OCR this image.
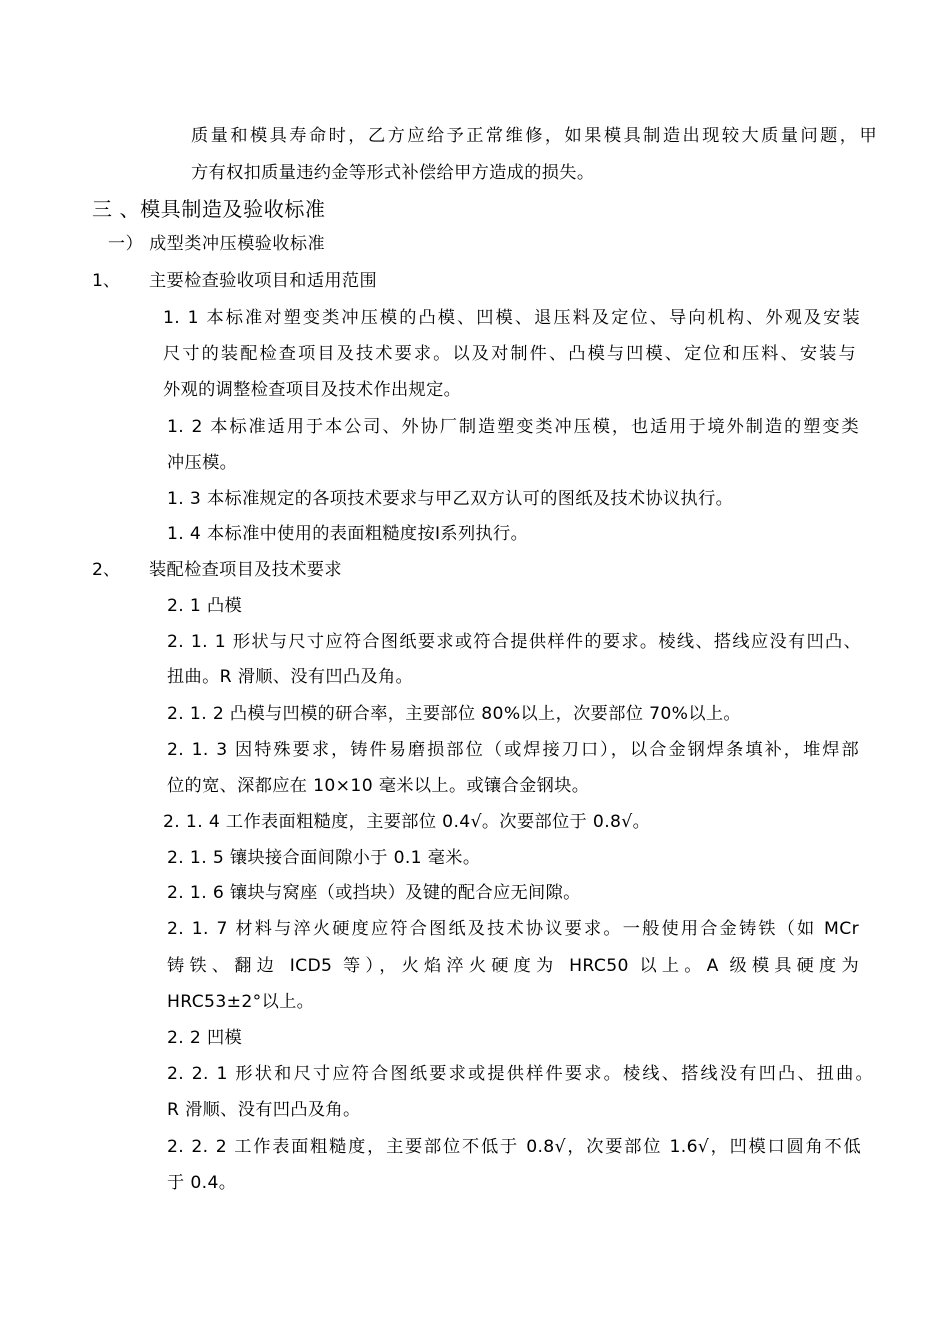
质量和模具寿命时，乙方应给予正常维修，如果模具制造出现较大质量问题，甲
方有权扣质量违约金等形式补偿给甲方造成的损失。
三 、模具制造及验收标准
一） 成型类冲压模验收标准
1、 主要检查验收项目和适用范围
1. 1 本标准对塑变类冲压模的凸模、凹模、退压料及定位、导向机构、外观及安装
尺寸的装配检查项目及技术要求。以及对制件、凸模与凹模、定位和压料、安装与
外观的调整检查项目及技术作出规定。
1. 2 本标准适用于本公司、外协厂制造塑变类冲压模，也适用于境外制造的塑变类
冲压模。
1. 3 本标准规定的各项技术要求与甲乙双方认可的图纸及技术协议执行。
1. 4 本标准中使用的表面粗糙度按Ⅰ系列执行。
2、 装配检查项目及技术要求
2. 1 凸模
2. 1. 1 形状与尺寸应符合图纸要求或符合提供样件的要求。棱线、搭线应没有凹凸、
扭曲。R 滑顺、没有凹凸及角。
2. 1. 2 凸模与凹模的研合率，主要部位 80%以上，次要部位 70%以上。
2. 1. 3 因特殊要求，铸件易磨损部位（或焊接刀口），以合金钢焊条填补，堆焊部
位的宽、深都应在 10×10 毫米以上。或镶合金钢块。
2. 1. 4 工作表面粗糙度，主要部位 0.4√。次要部位于 0.8√。
2. 1. 5 镶块接合面间隙小于 0.1 毫米。
2. 1. 6 镶块与窝座（或挡块）及键的配合应无间隙。
2. 1. 7 材料与淬火硬度应符合图纸及技术协议要求。一般使用合金铸铁（如 MCr
铸铁、翻边 ICD5 等），火焰淬火硬度为 HRC50 以上。A 级模具硬度为
HRC53±2°以上。
2. 2 凹模
2. 2. 1 形状和尺寸应符合图纸要求或提供样件要求。棱线、搭线没有凹凸、扭曲。
R 滑顺、没有凹凸及角。
2. 2. 2 工作表面粗糙度，主要部位不低于 0.8√，次要部位 1.6√，凹模口圆角不低
于 0.4。
